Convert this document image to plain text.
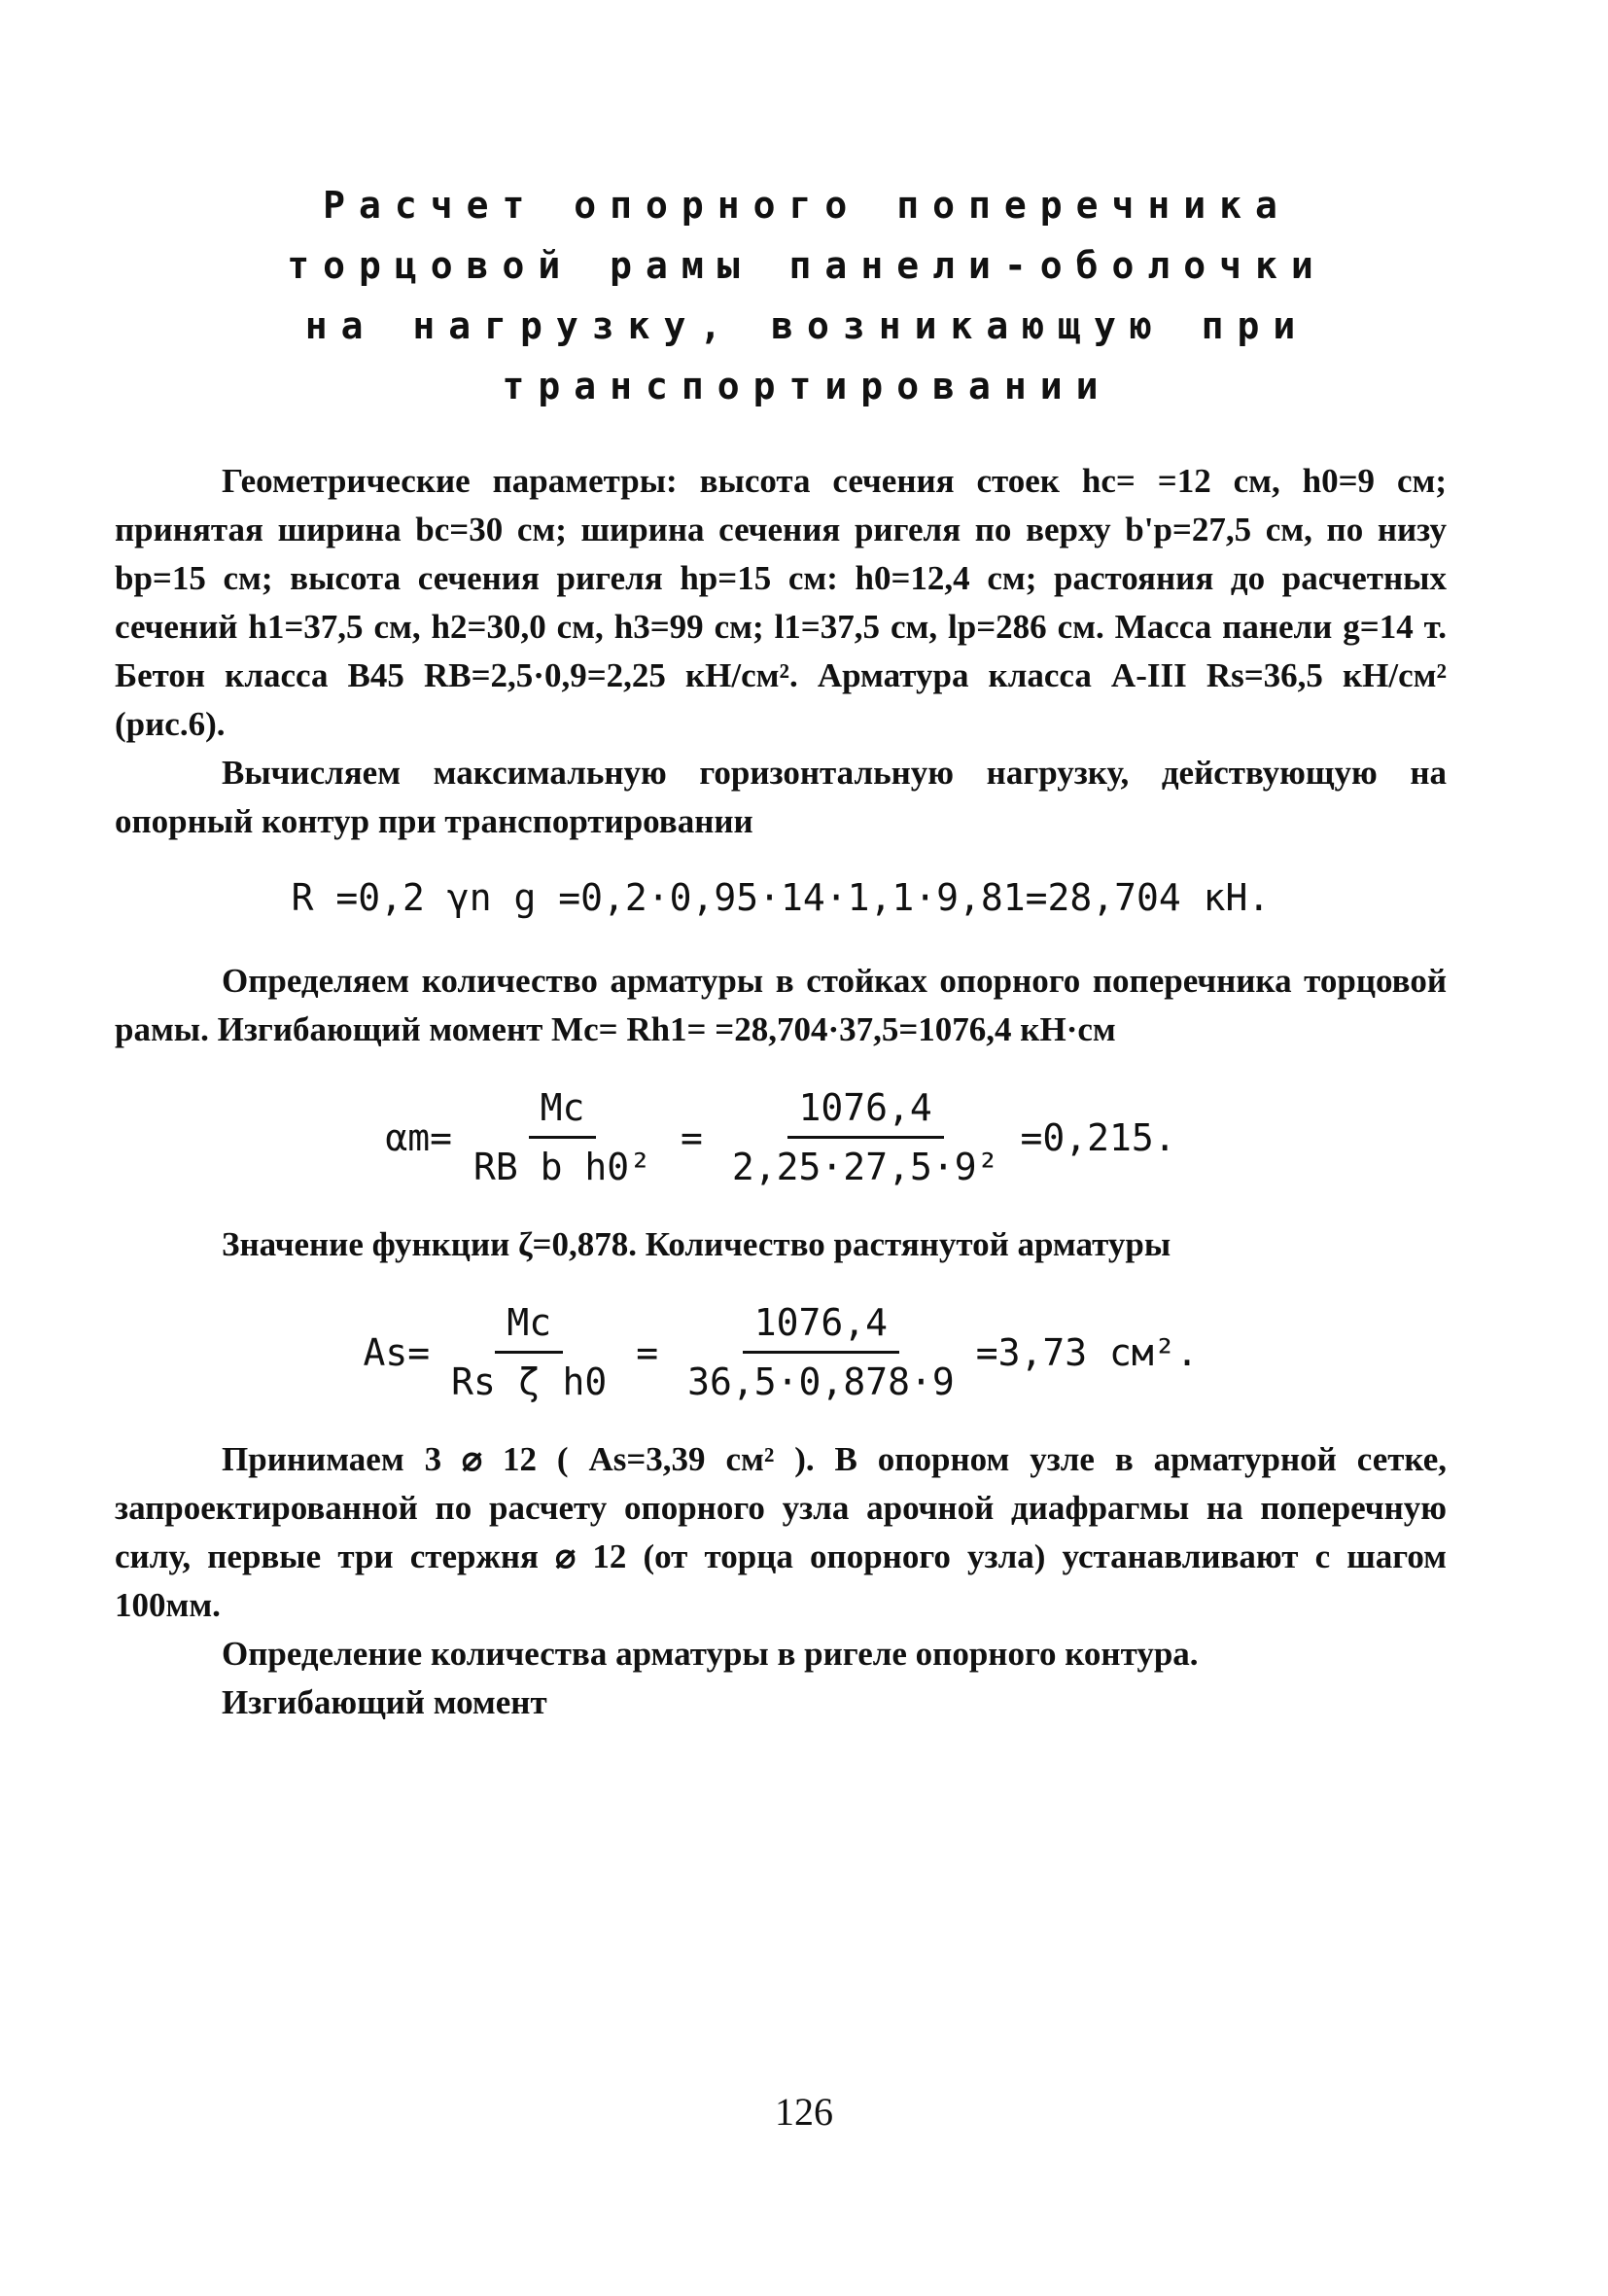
Расчет опорного поперечника
торцовой рамы панели-оболочки
на нагрузку, возникающую при
транспортировании

Геометрические параметры: высота сечения стоек hc= =12 см, h0=9 см; принятая ширина bc=30 см; ширина сечения ригеля по верху b'p=27,5 см, по низу bp=15 см; высота сечения ригеля hp=15 см: h0=12,4 см; растояния до расчетных сечений h1=37,5 см, h2=30,0 см, h3=99 см; l1=37,5 см, lp=286 см. Масса панели g=14 т. Бетон класса B45 RB=2,5·0,9=2,25 кН/см². Арматура класса А-III Rs=36,5 кН/см² (рис.6).

Вычисляем максимальную горизонтальную нагрузку, действующую на опорный контур при транспортировании

R =0,2 γn g =0,2·0,95·14·1,1·9,81=28,704 кН.

Определяем количество арматуры в стойках опорного поперечника торцовой рамы. Изгибающий момент Mc= Rh1= =28,704·37,5=1076,4 кН·см

$\alpha m= \frac{Mc}{\text{RB b h0²}} = \frac{1076,4}{\text{2,25·27,5·9²}} =0,215$.

Значение функции ζ=0,878. Количество растянутой арматуры

$As= \frac{Mc}{\text{Rs ζ h0}} = \frac{1076,4}{36,5\cdot 0,878\cdot 9} =3,73$ см².

Принимаем 3 ⌀ 12 ( As=3,39 см² ). В опорном узле в арматурной сетке, запроектированной по расчету опорного узла арочной диафрагмы на поперечную силу, первые три стержня ⌀ 12 (от торца опорного узла) устанавливают с шагом 100мм.

Определение количества арматуры в ригеле опорного контура.

Изгибающий момент

126
